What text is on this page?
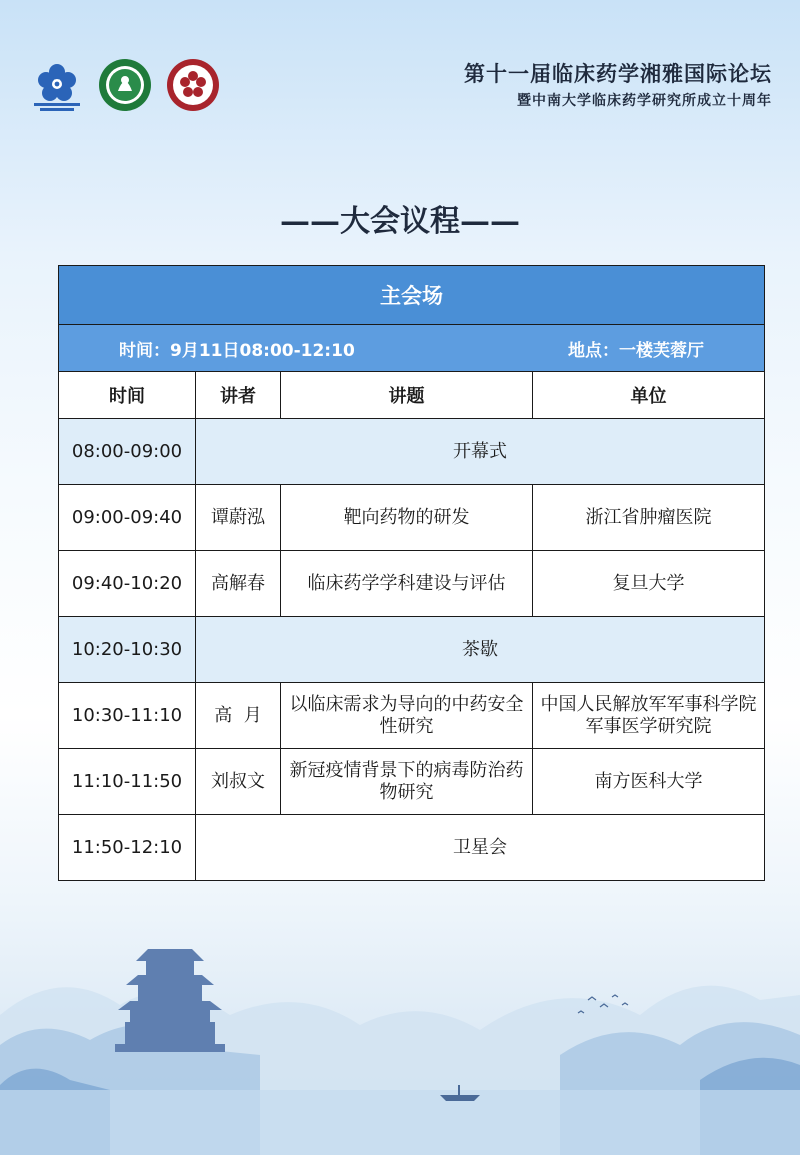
第十一届临床药学湘雅国际论坛
暨中南大学临床药学研究所成立十周年
——大会议程——
主会场			

时间：9月11日08:00-12:10 地点：一楼芙蓉厅			

时间	讲者	讲题	单位
08:00-09:00	开幕式		
09:00-09:40	谭蔚泓	靶向药物的研发	浙江省肿瘤医院
09:40-10:20	高解春	临床药学学科建设与评估	复旦大学
10:20-10:30	茶歇		
10:30-11:10	高  月	以临床需求为导向的中药安全性研究	中国人民解放军军事科学院军事医学研究院
11:10-11:50	刘叔文	新冠疫情背景下的病毒防治药物研究	南方医科大学
11:50-12:10	卫星会		
